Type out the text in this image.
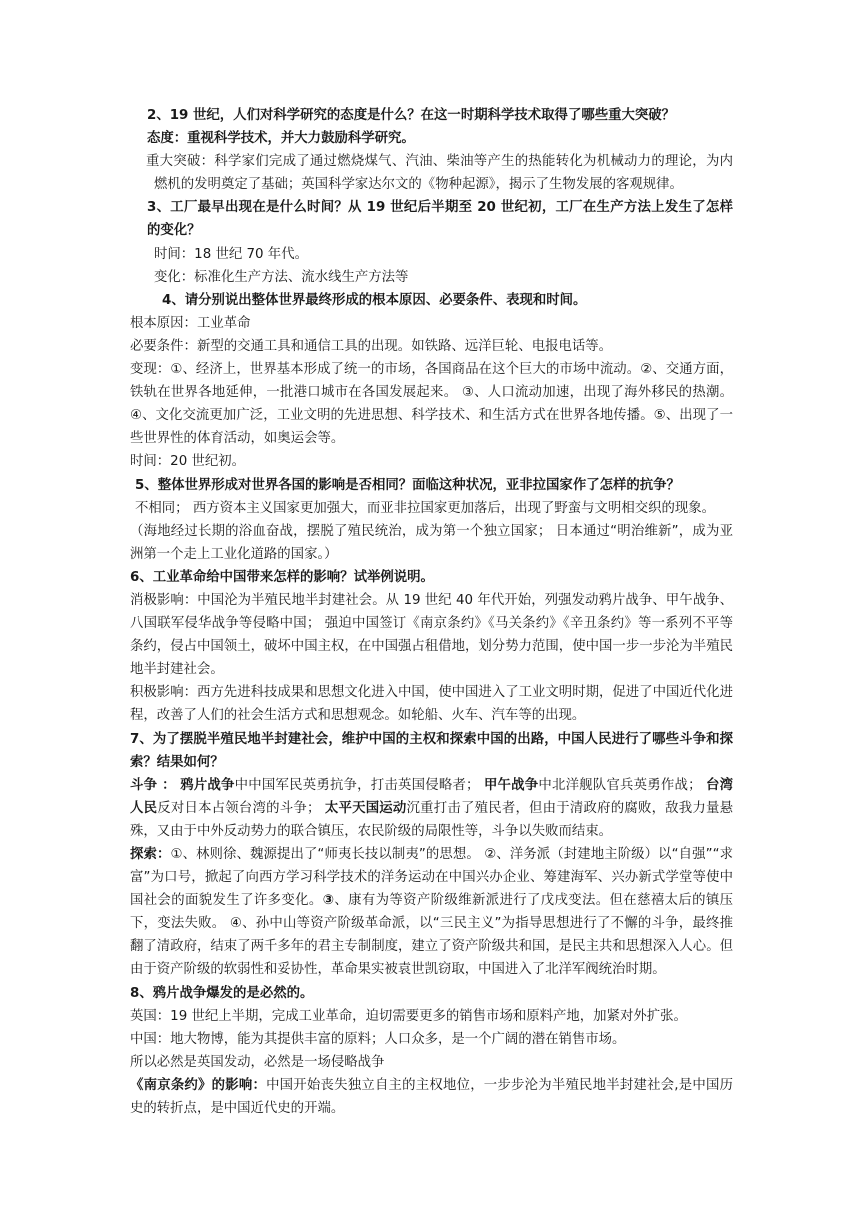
2、19 世纪，人们对科学研究的态度是什么？在这一时期科学技术取得了哪些重大突破？

态度：重视科学技术，并大力鼓励科学研究。

重大突破：科学家们完成了通过燃烧煤气、汽油、柴油等产生的热能转化为机械动力的理论，为内燃机的发明奠定了基础；英国科学家达尔文的《物种起源》，揭示了生物发展的客观规律。

3、工厂最早出现在是什么时间？从 19 世纪后半期至 20 世纪初，工厂在生产方法上发生了怎样的变化？

时间：18 世纪 70 年代。

变化：标准化生产方法、流水线生产方法等

4、请分别说出整体世界最终形成的根本原因、必要条件、表现和时间。

根本原因：工业革命

必要条件：新型的交通工具和通信工具的出现。如铁路、远洋巨轮、电报电话等。

变现：①、经济上，世界基本形成了统一的市场，各国商品在这个巨大的市场中流动。②、交通方面，铁轨在世界各地延伸，一批港口城市在各国发展起来。 ③、人口流动加速，出现了海外移民的热潮。④、文化交流更加广泛，工业文明的先进思想、科学技术、和生活方式在世界各地传播。⑤、出现了一些世界性的体育活动，如奥运会等。

时间：20 世纪初。

5、整体世界形成对世界各国的影响是否相同？面临这种状况，亚非拉国家作了怎样的抗争？

不相同； 西方资本主义国家更加强大，而亚非拉国家更加落后，出现了野蛮与文明相交织的现象。

（海地经过长期的浴血奋战，摆脱了殖民统治，成为第一个独立国家； 日本通过“明治维新”，成为亚洲第一个走上工业化道路的国家。）

6、工业革命给中国带来怎样的影响？试举例说明。

消极影响：中国沦为半殖民地半封建社会。从 19 世纪 40 年代开始，列强发动鸦片战争、甲午战争、八国联军侵华战争等侵略中国； 强迫中国签订《南京条约》《马关条约》《辛丑条约》等一系列不平等条约，侵占中国领土，破坏中国主权，在中国强占租借地，划分势力范围，使中国一步一步沦为半殖民地半封建社会。

积极影响：西方先进科技成果和思想文化进入中国，使中国进入了工业文明时期，促进了中国近代化进程，改善了人们的社会生活方式和思想观念。如轮船、火车、汽车等的出现。

7、为了摆脱半殖民地半封建社会，维护中国的主权和探索中国的出路，中国人民进行了哪些斗争和探索？结果如何？

斗争 ： 鸦片战争中中国军民英勇抗争，打击英国侵略者； 甲午战争中北洋舰队官兵英勇作战； 台湾人民反对日本占领台湾的斗争； 太平天国运动沉重打击了殖民者，但由于清政府的腐败，敌我力量悬殊，又由于中外反动势力的联合镇压，农民阶级的局限性等，斗争以失败而结束。

探索：①、林则徐、魏源提出了“师夷长技以制夷”的思想。 ②、洋务派（封建地主阶级）以“自强”“求富”为口号，掀起了向西方学习科学技术的洋务运动在中国兴办企业、筹建海军、兴办新式学堂等使中国社会的面貌发生了许多变化。③、康有为等资产阶级维新派进行了戊戌变法。但在慈禧太后的镇压下，变法失败。 ④、孙中山等资产阶级革命派，以“三民主义”为指导思想进行了不懈的斗争，最终推翻了清政府，结束了两千多年的君主专制制度，建立了资产阶级共和国，是民主共和思想深入人心。但由于资产阶级的软弱性和妥协性，革命果实被袁世凯窃取，中国进入了北洋军阀统治时期。

8、鸦片战争爆发的是必然的。

英国：19 世纪上半期，完成工业革命，迫切需要更多的销售市场和原料产地，加紧对外扩张。

中国：地大物博，能为其提供丰富的原料；人口众多，是一个广阔的潜在销售市场。

所以必然是英国发动，必然是一场侵略战争

《南京条约》的影响：中国开始丧失独立自主的主权地位，一步步沦为半殖民地半封建社会,是中国历史的转折点，是中国近代史的开端。
